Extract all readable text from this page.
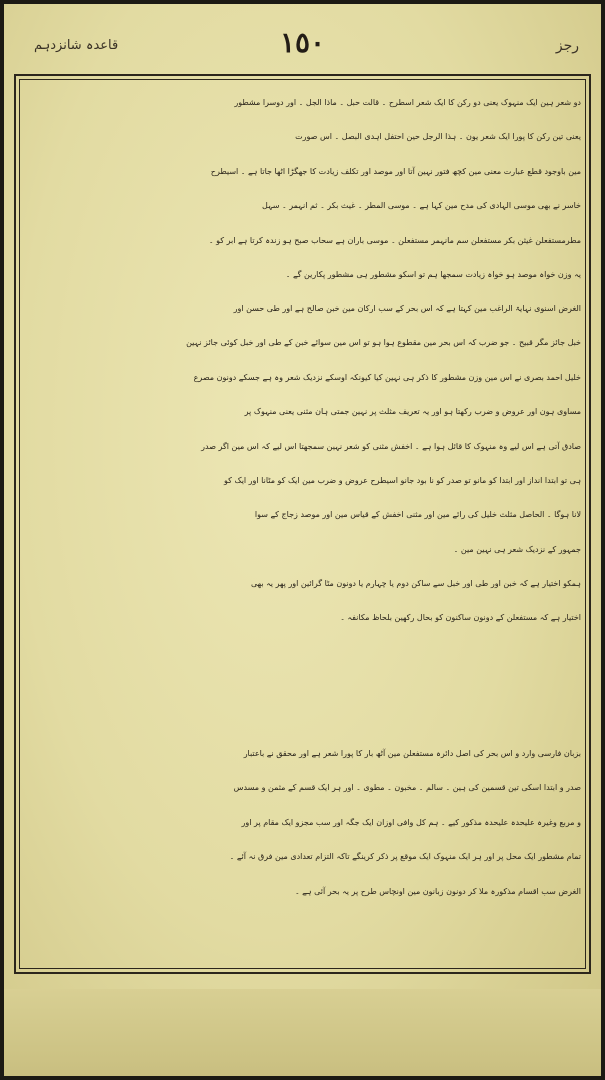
رجز
١٥٠
قاعدہ شانزدہم
دو شعر ہین ایک منہوک یعنی دو رکن کا ایک شعر اسطرح ۔ قالت حبل ۔ ماذا الجل ۔ اور دوسرا مشطور
یعنی تین رکن کا پورا ایک شعر یون ۔ ہذا الرجل حین احتفل اہدی البصل ۔ اس صورت
مین باوجود قطع عبارت معنی مین کچھ فتور نہین آتا اور موصد اور تکلف زیادت کا جھگڑا اٹھا جاتا ہے ۔ اسیطرح
خاسر نے بھی موسی الہادی کی مدح مین کہا ہے ۔ موسی المطر ۔ غیث بکر ۔ ثم انہمر ۔ سہل
مطرمستفعلن غیثن بکر مستفعلن سم مانہمر مستفعلن ۔ موسی باران ہے سحاب صبح ہو زندہ کرتا ہے ابر کو ۔
یہ وزن خواہ موصد ہو خواہ زیادت سمجھا ہم تو اسکو مشطور ہی مشطور پکارین گے ۔
الغرض اسنوی نہایۃ الراغب مین کہتا ہے کہ اس بحر کے سب ارکان مین خبن صالح ہے اور طی حسن اور
خبل جائز مگر قبیح ۔ جو ضرب کہ اس بحر مین مقطوع ہوا ہو تو اس مین سوائے خبن کے طی اور خبل کوئی جائز نہین
خلیل احمد بصری نے اس مین وزن مشطور کا ذکر ہی نہین کیا کیونکہ اوسکے نزدیک شعر وہ ہے جسکے دونون مصرع
مساوی ہون اور عروض و ضرب رکھتا ہو اور یہ تعریف مثلث پر نہین جمتی ہان مثنی یعنی منہوک پر
صادق آتی ہے اس لیے وہ منہوک کا قائل ہوا ہے ۔ اخفش مثنی کو شعر نہین سمجھتا اس لیے کہ اس مین اگر صدر
ہی تو ابتدا انداز اور ابتدا کو مانو تو صدر کو نا بود جانو اسیطرح عروض و ضرب مین ایک کو مٹانا اور ایک کو
لانا ہوگا ۔ الحاصل مثلث خلیل کی رائے مین اور مثنی اخفش کے قیاس مین اور موصد زجاج کے سوا
جمہور کے نزدیک شعر ہی نہین مین ۔
ہمکو اختیار ہے کہ خبن اور طی اور خبل سے ساکن دوم یا چہارم یا دونون مٹا گرائین اور پھر یہ بھی
اختیار ہے کہ مستفعلن کے دونون ساکنون کو بحال رکھین بلحاظ مکانفہ ۔
بزبان فارسی وارد و اس بحر کی اصل دائرہ مستفعلن مین آٹھ بار کا پورا شعر ہے اور محقق نے باعتبار
صدر و ابتدا اسکی تین قسمین کی ہین ۔ سالم ۔ مخبون ۔ مطوی ۔ اور ہر ایک قسم کے مثمن و مسدس
و مربع وغیرہ علیحدہ علیحدہ مذکور کیے ۔ ہم کل وافی اوزان ایک جگہ اور سب مجزو ایک مقام پر اور
تمام مشطور ایک محل پر اور ہر ایک منہوک ایک موقع پر ذکر کرینگے تاکہ التزام تعدادی مین فرق نہ آئے ۔
الغرض سب اقسام مذکورہ ملا کر دونون زبانون مین اونچاس طرح پر یہ بحر آئی ہے ۔
